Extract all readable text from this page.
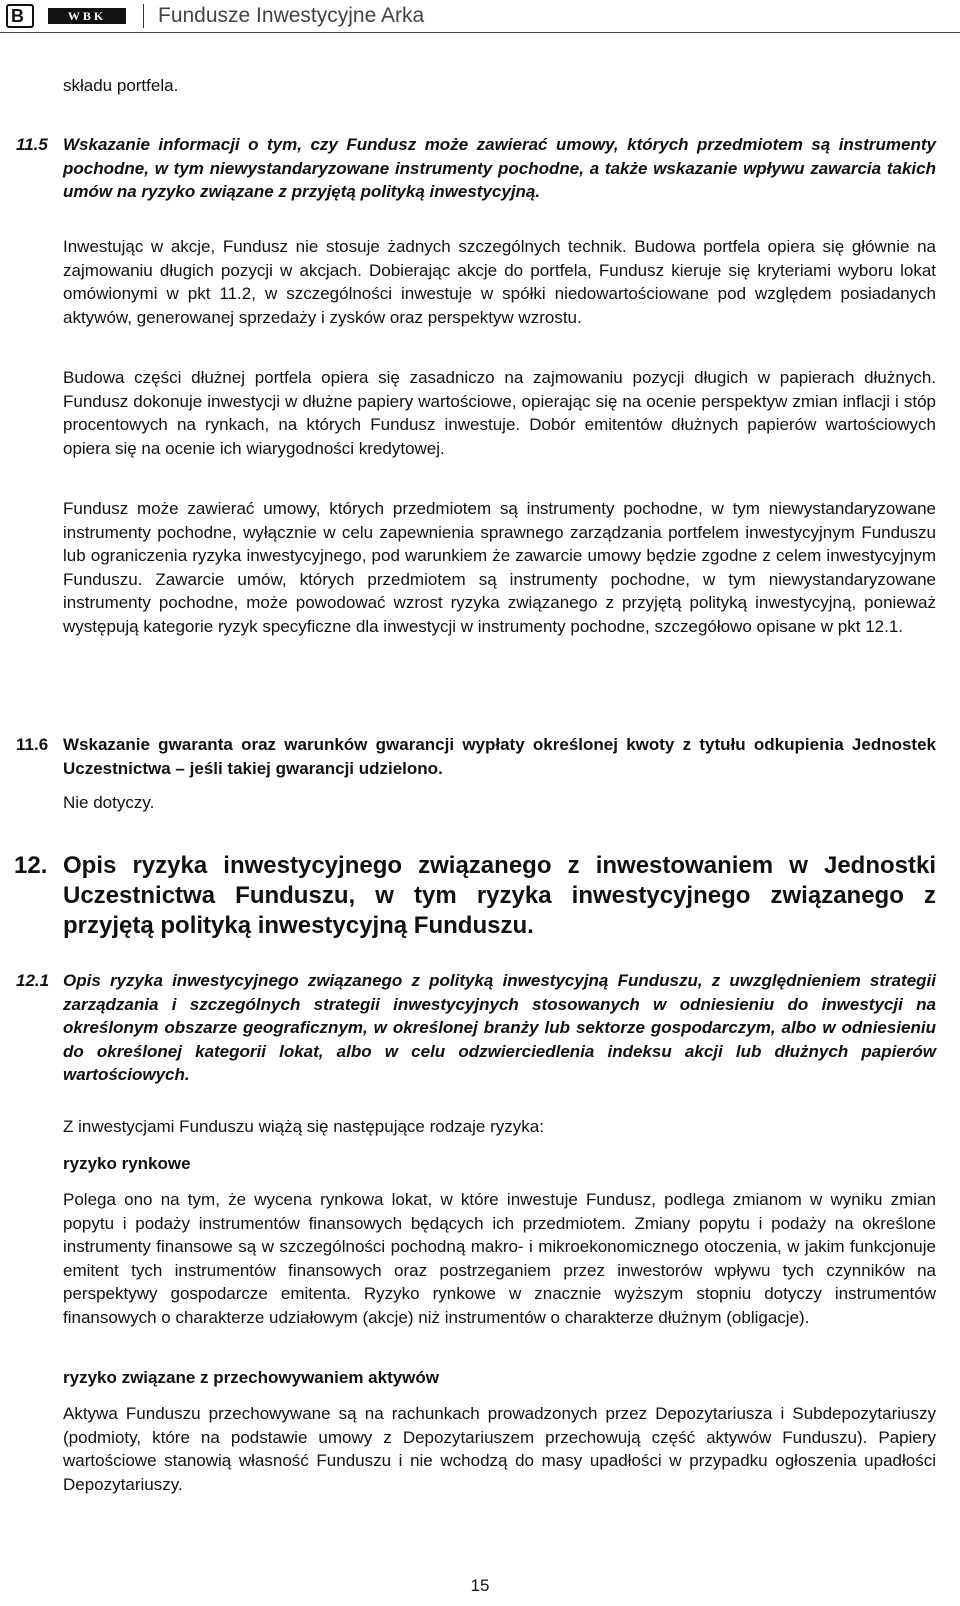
B	WBK	Fundusze Inwestycyjne Arka

składu portfela.

11.5 Wskazanie informacji o tym, czy Fundusz może zawierać umowy, których przedmiotem są instrumenty pochodne, w tym niewystandaryzowane instrumenty pochodne, a także wskazanie wpływu zawarcia takich umów na ryzyko związane z przyjętą polityką inwestycyjną.

Inwestując w akcje, Fundusz nie stosuje żadnych szczególnych technik. Budowa portfela opiera się głównie na zajmowaniu długich pozycji w akcjach. Dobierając akcje do portfela, Fundusz kieruje się kryteriami wyboru lokat omówionymi w pkt 11.2, w szczególności inwestuje w spółki niedowartościowane pod względem posiadanych aktywów, generowanej sprzedaży i zysków oraz perspektyw wzrostu.

Budowa części dłużnej portfela opiera się zasadniczo na zajmowaniu pozycji długich w papierach dłużnych. Fundusz dokonuje inwestycji w dłużne papiery wartościowe, opierając się na ocenie perspektyw zmian inflacji i stóp procentowych na rynkach, na których Fundusz inwestuje. Dobór emitentów dłużnych papierów wartościowych opiera się na ocenie ich wiarygodności kredytowej.

Fundusz może zawierać umowy, których przedmiotem są instrumenty pochodne, w tym niewystandaryzowane instrumenty pochodne, wyłącznie w celu zapewnienia sprawnego zarządzania portfelem inwestycyjnym Funduszu lub ograniczenia ryzyka inwestycyjnego, pod warunkiem że zawarcie umowy będzie zgodne z celem inwestycyjnym Funduszu. Zawarcie umów, których przedmiotem są instrumenty pochodne, w tym niewystandaryzowane instrumenty pochodne, może powodować wzrost ryzyka związanego z przyjętą polityką inwestycyjną, ponieważ występują kategorie ryzyk specyficzne dla inwestycji w instrumenty pochodne, szczegółowo opisane w pkt 12.1.

11.6 Wskazanie gwaranta oraz warunków gwarancji wypłaty określonej kwoty z tytułu odkupienia Jednostek Uczestnictwa – jeśli takiej gwarancji udzielono.

Nie dotyczy.

12. Opis ryzyka inwestycyjnego związanego z inwestowaniem w Jednostki Uczestnictwa Funduszu, w tym ryzyka inwestycyjnego związanego z przyjętą polityką inwestycyjną Funduszu.

12.1 Opis ryzyka inwestycyjnego związanego z polityką inwestycyjną Funduszu, z uwzględnieniem strategii zarządzania i szczególnych strategii inwestycyjnych stosowanych w odniesieniu do inwestycji na określonym obszarze geograficznym, w określonej branży lub sektorze gospodarczym, albo w odniesieniu do określonej kategorii lokat, albo w celu odzwierciedlenia indeksu akcji lub dłużnych papierów wartościowych.

Z inwestycjami Funduszu wiążą się następujące rodzaje ryzyka:

ryzyko rynkowe

Polega ono na tym, że wycena rynkowa lokat, w które inwestuje Fundusz, podlega zmianom w wyniku zmian popytu i podaży instrumentów finansowych będących ich przedmiotem. Zmiany popytu i podaży na określone instrumenty finansowe są w szczególności pochodną makro- i mikroekonomicznego otoczenia, w jakim funkcjonuje emitent tych instrumentów finansowych oraz postrzeganiem przez inwestorów wpływu tych czynników na perspektywy gospodarcze emitenta. Ryzyko rynkowe w znacznie wyższym stopniu dotyczy instrumentów finansowych o charakterze udziałowym (akcje) niż instrumentów o charakterze dłużnym (obligacje).

ryzyko związane z przechowywaniem aktywów

Aktywa Funduszu przechowywane są na rachunkach prowadzonych przez Depozytariusza i Subdepozytariuszy (podmioty, które na podstawie umowy z Depozytariuszem przechowują część aktywów Funduszu). Papiery wartościowe stanowią własność Funduszu i nie wchodzą do masy upadłości w przypadku ogłoszenia upadłości Depozytariuszy.

15
